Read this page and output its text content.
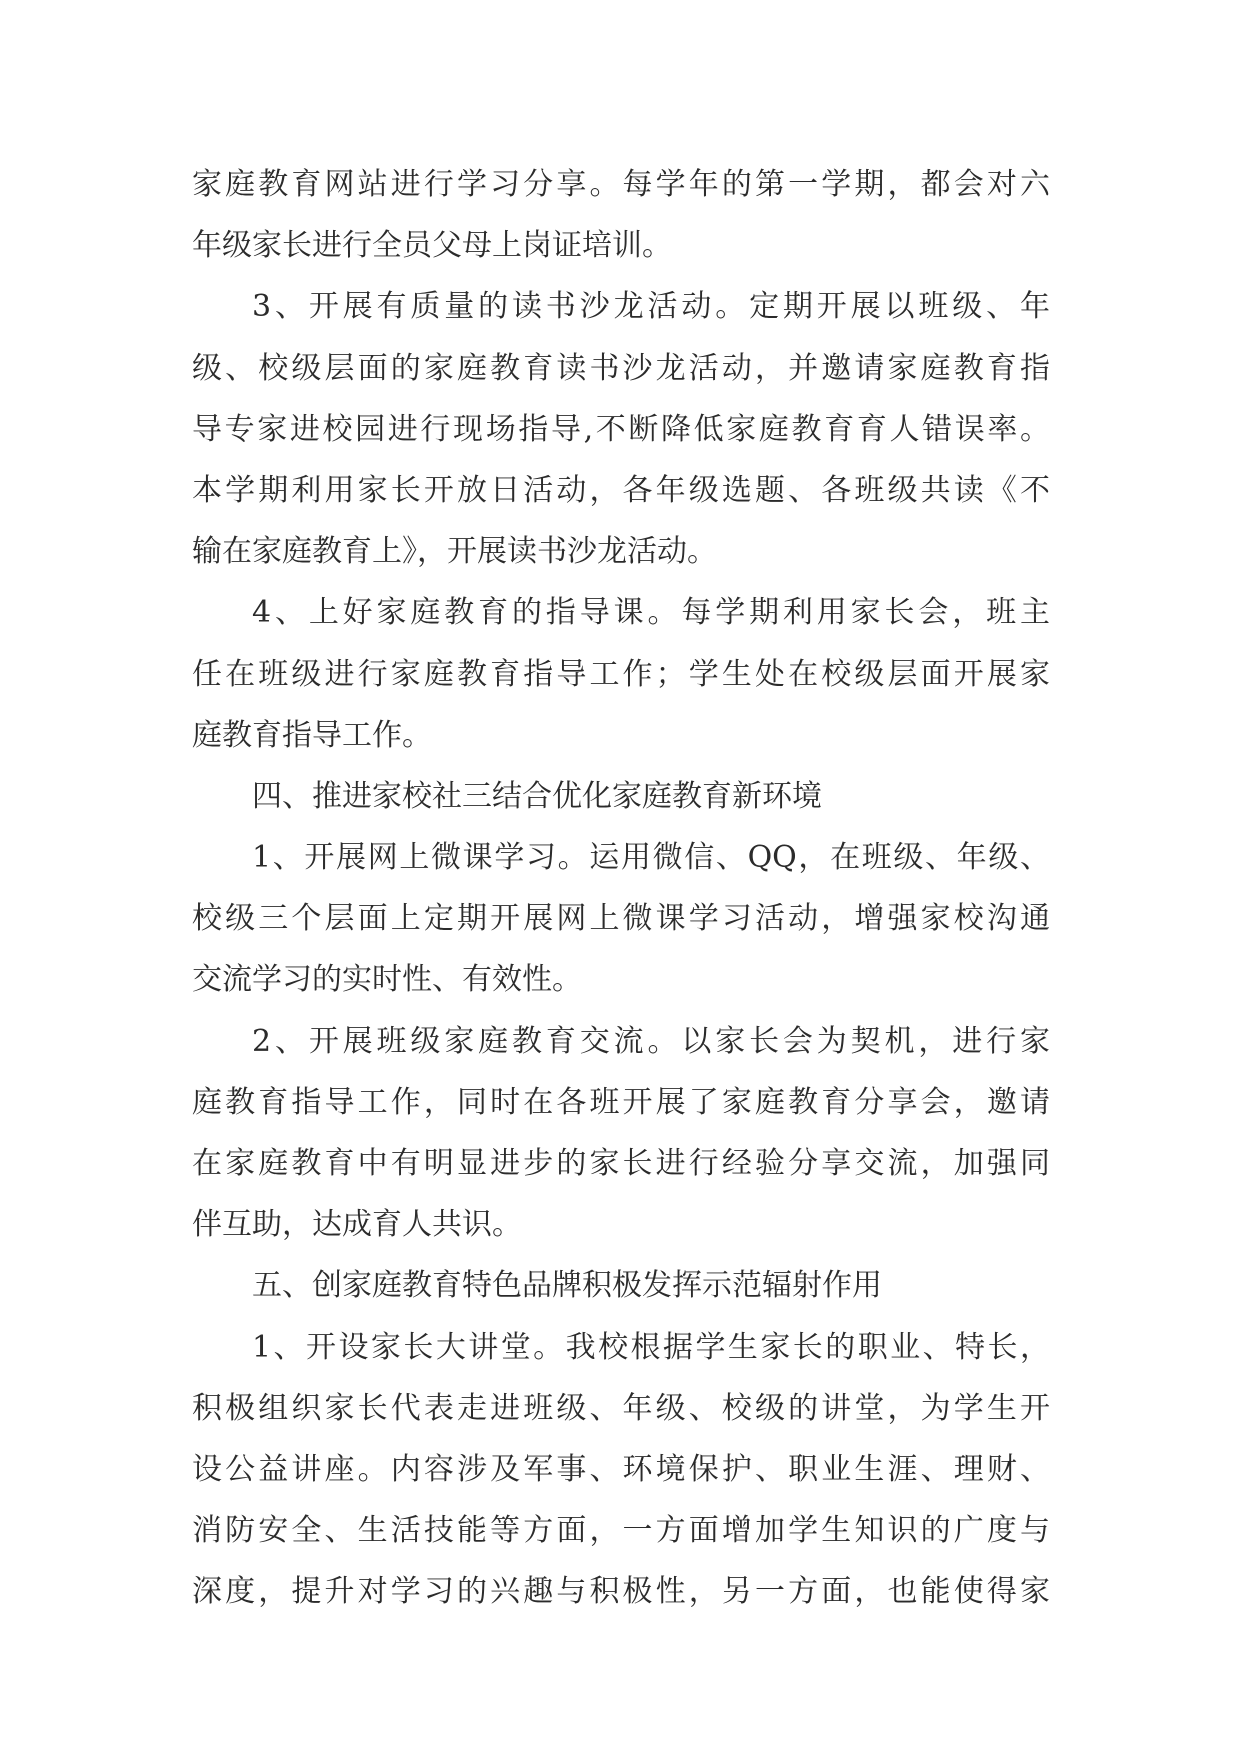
家庭教育网站进行学习分享。每学年的第一学期，都会对六
年级家长进行全员父母上岗证培训。
3、开展有质量的读书沙龙活动。定期开展以班级、年
级、校级层面的家庭教育读书沙龙活动，并邀请家庭教育指
导专家进校园进行现场指导,不断降低家庭教育育人错误率。
本学期利用家长开放日活动，各年级选题、各班级共读《不
输在家庭教育上》，开展读书沙龙活动。
4、上好家庭教育的指导课。每学期利用家长会，班主
任在班级进行家庭教育指导工作；学生处在校级层面开展家
庭教育指导工作。
四、推进家校社三结合优化家庭教育新环境
1、开展网上微课学习。运用微信、QQ，在班级、年级、
校级三个层面上定期开展网上微课学习活动，增强家校沟通
交流学习的实时性、有效性。
2、开展班级家庭教育交流。以家长会为契机，进行家
庭教育指导工作，同时在各班开展了家庭教育分享会，邀请
在家庭教育中有明显进步的家长进行经验分享交流，加强同
伴互助，达成育人共识。
五、创家庭教育特色品牌积极发挥示范辐射作用
1、开设家长大讲堂。我校根据学生家长的职业、特长，
积极组织家长代表走进班级、年级、校级的讲堂，为学生开
设公益讲座。内容涉及军事、环境保护、职业生涯、理财、
消防安全、生活技能等方面，一方面增加学生知识的广度与
深度，提升对学习的兴趣与积极性，另一方面，也能使得家
